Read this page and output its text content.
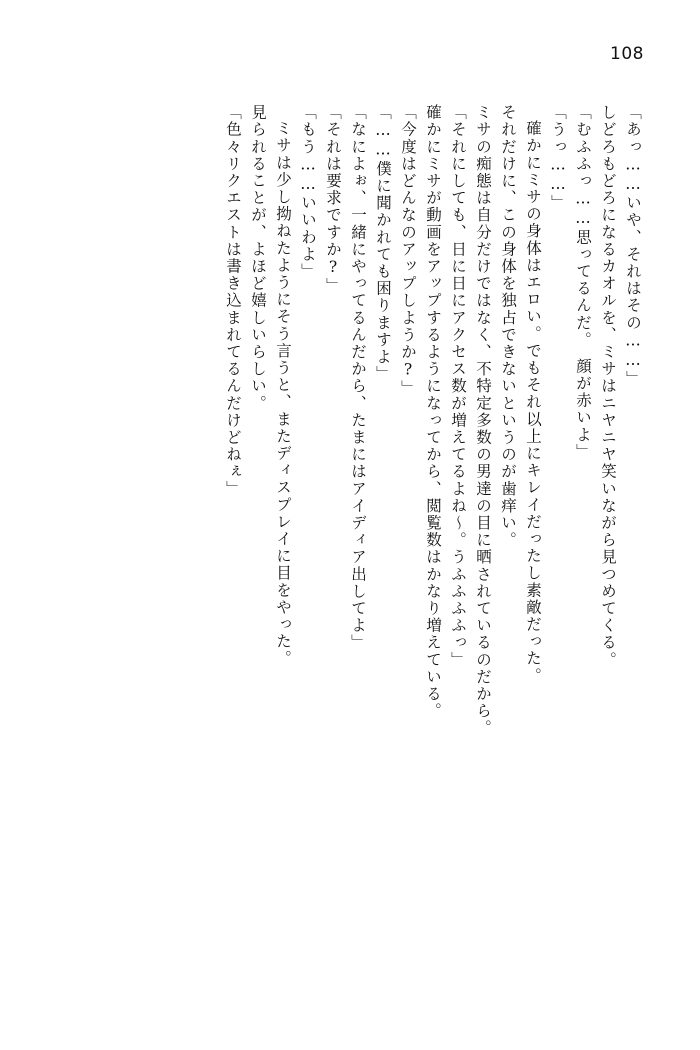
108
「あっ……いや、それはその……」
しどろもどろになるカオルを、ミサはニヤニヤ笑いながら見つめてくる。
「むふふっ……思ってるんだ。　顔が赤いよ」
「うっ……」
確かにミサの身体はエロい。でもそれ以上にキレイだったし素敵だった。
それだけに、この身体を独占できないというのが歯痒い。
ミサの痴態は自分だけではなく、不特定多数の男達の目に晒されているのだから。
「それにしても、日に日にアクセス数が増えてるよね〜。うふふふふっ」
確かにミサが動画をアップするようになってから、閲覧数はかなり増えている。
「今度はどんなのアップしようか?」
「……僕に聞かれても困りますよ」
「なによぉ、一緒にやってるんだから、たまにはアイディア出してよ」
「それは要求ですか?」
「もう……いいわよ」
ミサは少し拗ねたようにそう言うと、またディスプレイに目をやった。
見られることが、よほど嬉しいらしい。
「色々リクエストは書き込まれてるんだけどねぇ」
